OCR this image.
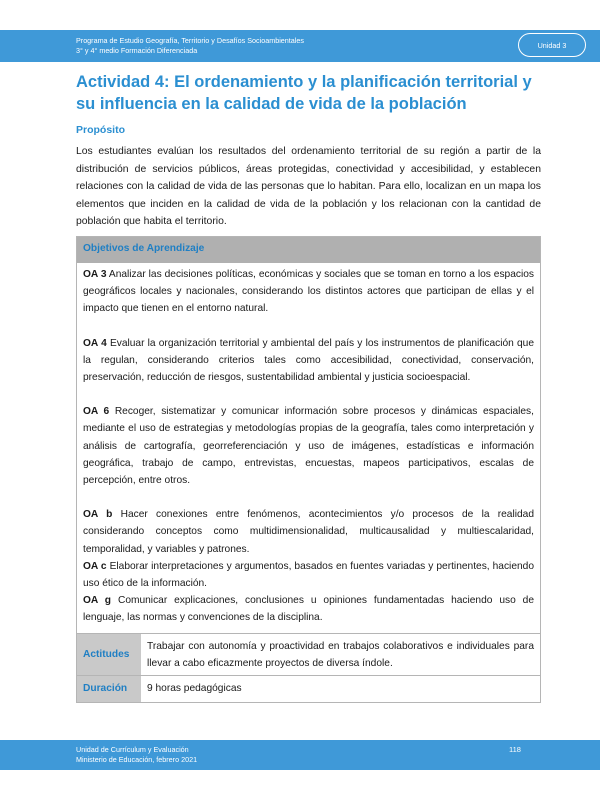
Programa de Estudio Geografía, Territorio y Desafíos Socioambientales
3° y 4° medio Formación Diferenciada
Unidad 3
Actividad 4: El ordenamiento y la planificación territorial y su influencia en la calidad de vida de la población
Propósito

Los estudiantes evalúan los resultados del ordenamiento territorial de su región a partir de la distribución de servicios públicos, áreas protegidas, conectividad y accesibilidad, y establecen relaciones con la calidad de vida de las personas que lo habitan. Para ello, localizan en un mapa los elementos que inciden en la calidad de vida de la población y los relacionan con la cantidad de población que habita el territorio.

Objetivos de Aprendizaje
OA 3 Analizar las decisiones políticas, económicas y sociales que se toman en torno a los espacios geográficos locales y nacionales, considerando los distintos actores que participan de ellas y el impacto que tienen en el entorno natural.
OA 4 Evaluar la organización territorial y ambiental del país y los instrumentos de planificación que la regulan, considerando criterios tales como accesibilidad, conectividad, conservación, preservación, reducción de riesgos, sustentabilidad ambiental y justicia socioespacial.
OA 6 Recoger, sistematizar y comunicar información sobre procesos y dinámicas espaciales, mediante el uso de estrategias y metodologías propias de la geografía, tales como interpretación y análisis de cartografía, georreferenciación y uso de imágenes, estadísticas e información geográfica, trabajo de campo, entrevistas, encuestas, mapeos participativos, escalas de percepción, entre otros.
OA b Hacer conexiones entre fenómenos, acontecimientos y/o procesos de la realidad considerando conceptos como multidimensionalidad, multicausalidad y multiescalaridad, temporalidad, y variables y patrones.
OA c Elaborar interpretaciones y argumentos, basados en fuentes variadas y pertinentes, haciendo uso ético de la información.
OA g Comunicar explicaciones, conclusiones u opiniones fundamentadas haciendo uso de lenguaje, las normas y convenciones de la disciplina.
Actitudes
Trabajar con autonomía y proactividad en trabajos colaborativos e individuales para llevar a cabo eficazmente proyectos de diversa índole.
Duración	9 horas pedagógicas
Unidad de Currículum y Evaluación
Ministerio de Educación, febrero 2021
118
